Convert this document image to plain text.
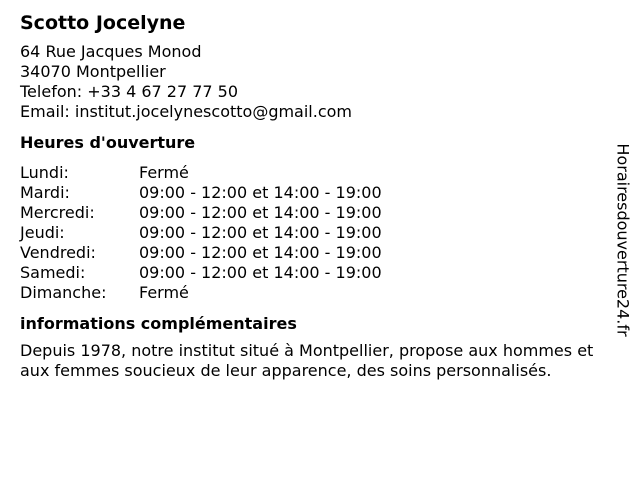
Scotto Jocelyne
64 Rue Jacques Monod
34070 Montpellier
Telefon: +33 4 67 27 77 50
Email: institut.jocelynescotto@gmail.com
Heures d'ouverture
Lundi:	Fermé
Mardi:	09:00 - 12:00 et 14:00 - 19:00
Mercredi:	09:00 - 12:00 et 14:00 - 19:00
Jeudi:	09:00 - 12:00 et 14:00 - 19:00
Vendredi:	09:00 - 12:00 et 14:00 - 19:00
Samedi:	09:00 - 12:00 et 14:00 - 19:00
Dimanche:	Fermé
informations complémentaires
Depuis 1978, notre institut situé à Montpellier, propose aux hommes et aux femmes soucieux de leur apparence, des soins personnalisés.
Horairesdouverture24.fr
